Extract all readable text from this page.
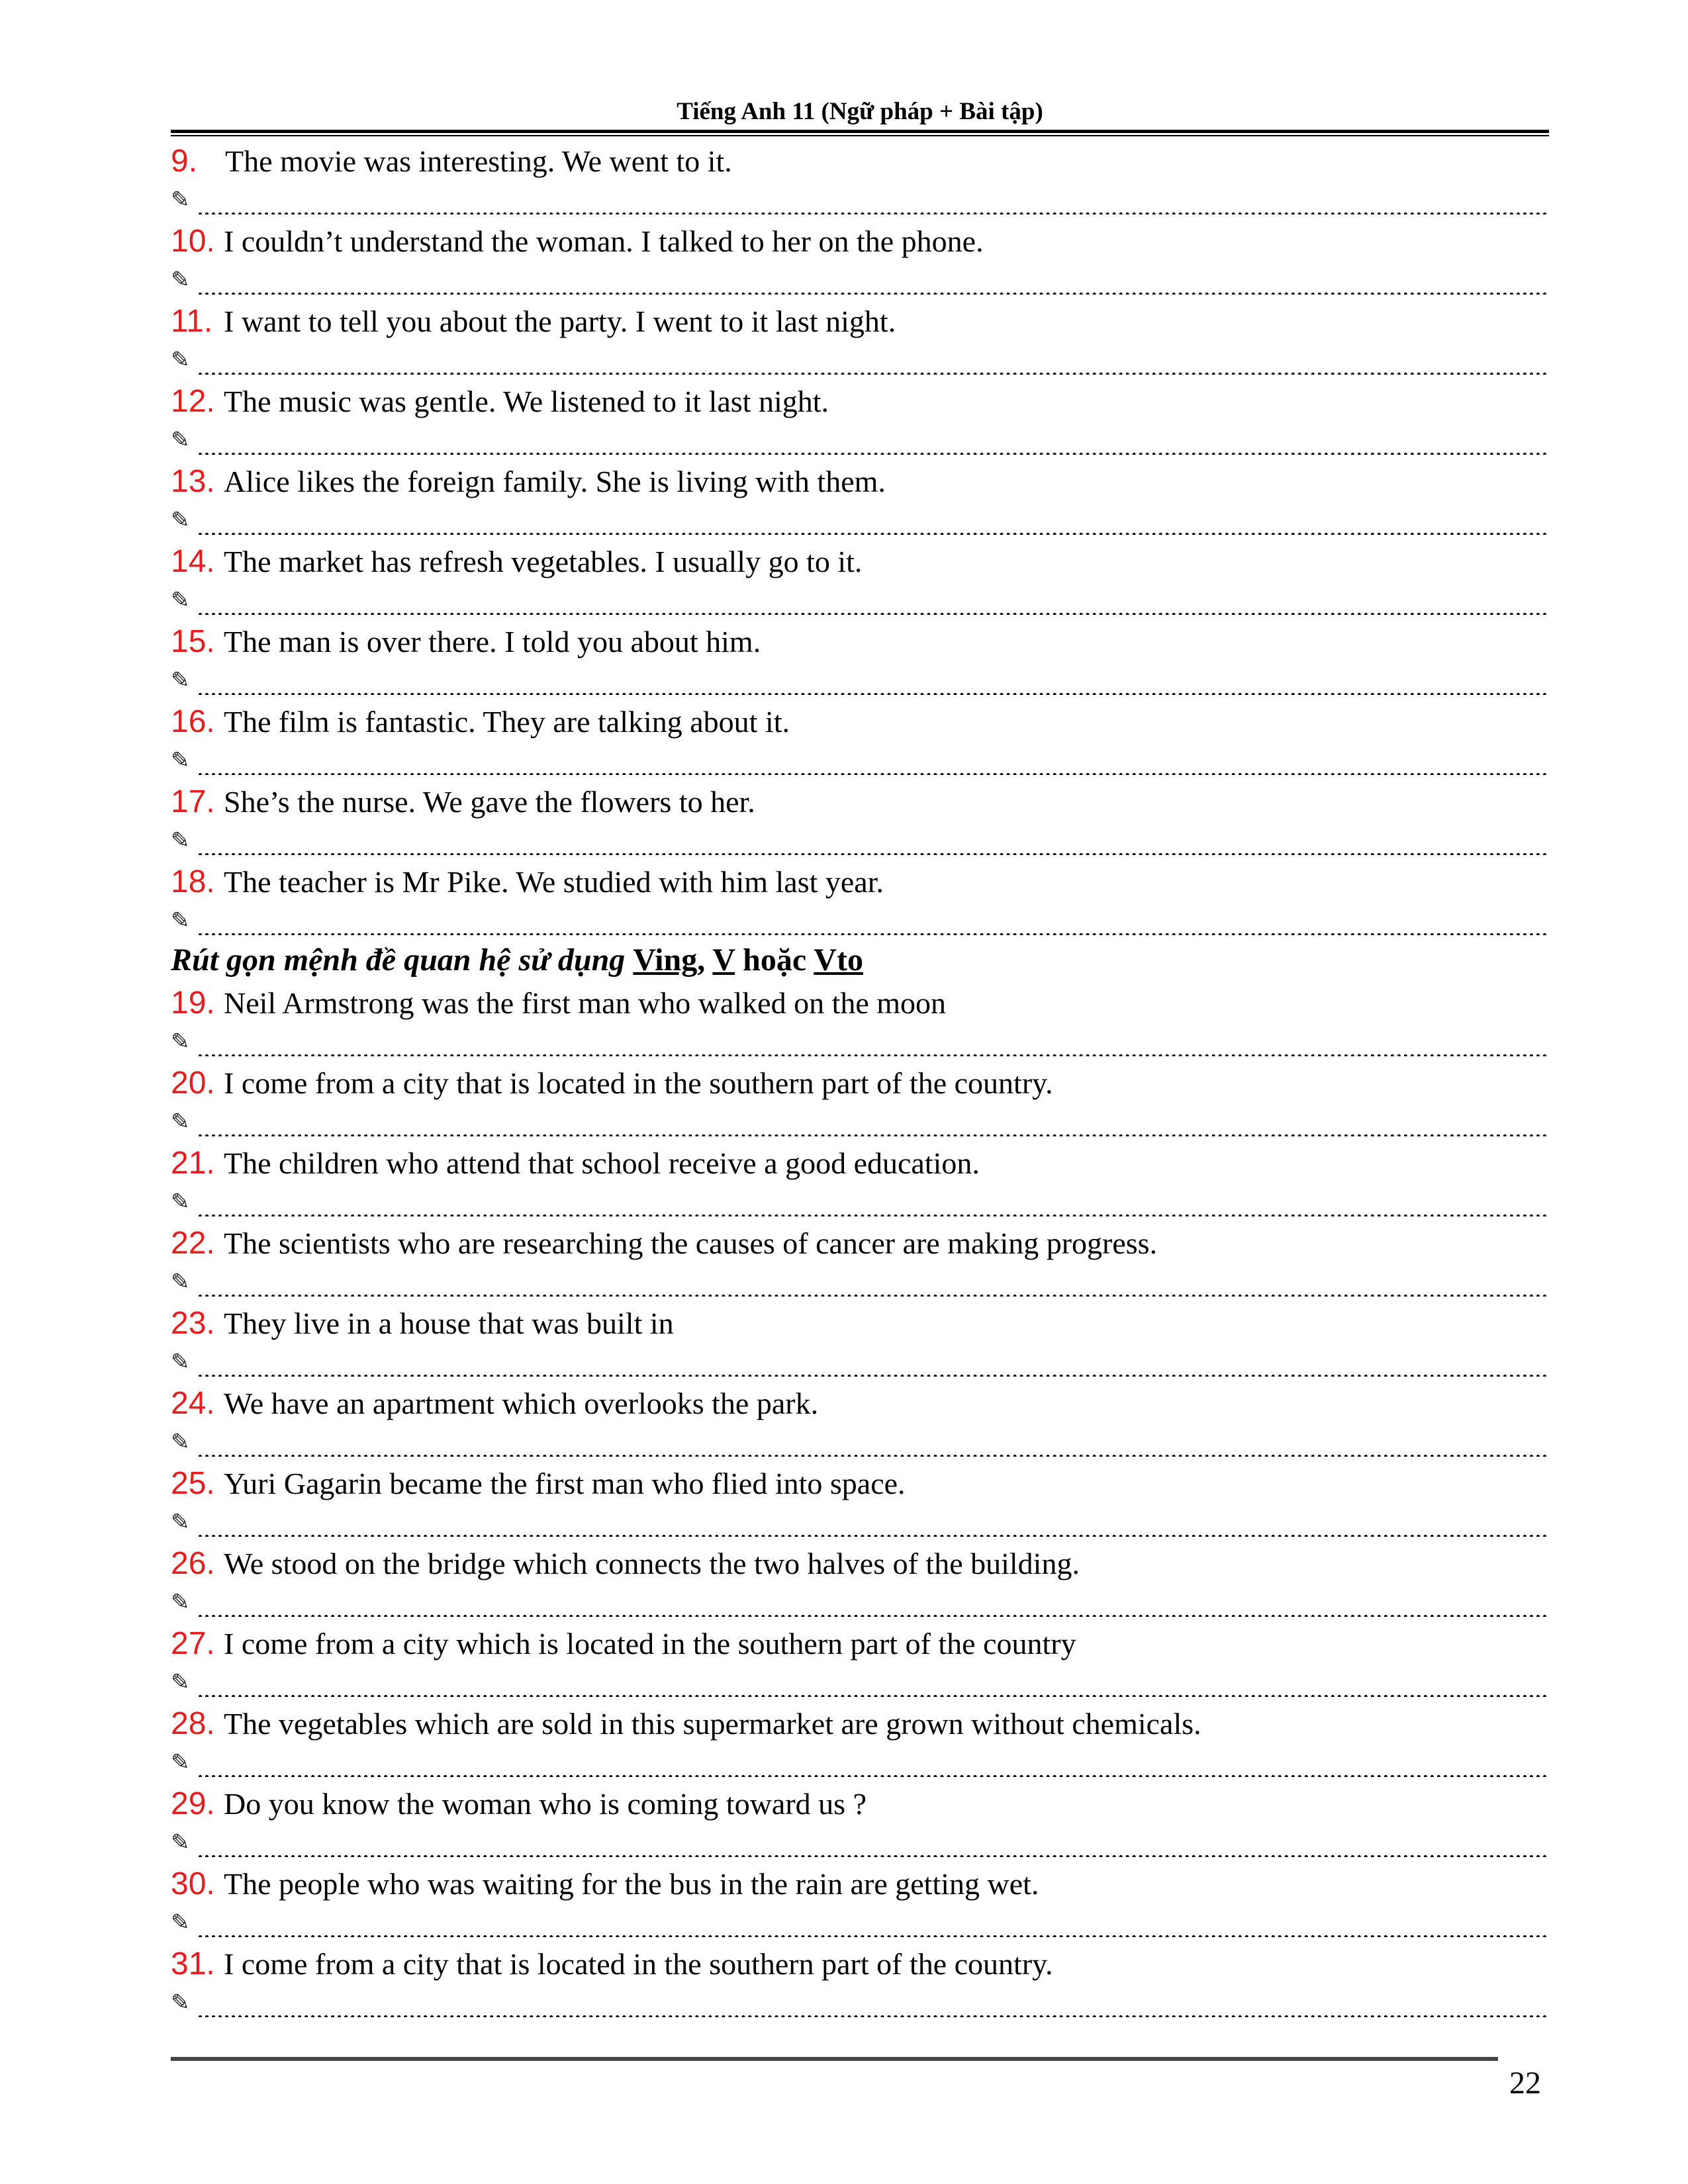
Tiếng Anh 11 (Ngữ pháp + Bài tập)
9. The movie was interesting. We went to it.
✎
10. I couldn’t understand the woman. I talked to her on the phone.
✎
11. I want to tell you about the party. I went to it last night.
✎
12. The music was gentle. We listened to it last night.
✎
13. Alice likes the foreign family. She is living with them.
✎
14. The market has refresh vegetables. I usually go to it.
✎
15. The man is over there. I told you about him.
✎
16. The film is fantastic. They are talking about it.
✎
17. She’s the nurse. We gave the flowers to her.
✎
18. The teacher is Mr Pike. We studied with him last year.
✎
Rút gọn mệnh đề quan hệ sử dụng Ving, V hoặc Vto
19. Neil Armstrong was the first man who walked on the moon
✎
20. I come from a city that is located in the southern part of the country.
✎
21. The children who attend that school receive a good education.
✎
22. The scientists who are researching the causes of cancer are making progress.
✎
23. They live in a house that was built in
✎
24. We have an apartment which overlooks the park.
✎
25. Yuri Gagarin became the first man who flied into space.
✎
26. We stood on the bridge which connects the two halves of the building.
✎
27. I come from a city which is located in the southern part of the country
✎
28. The vegetables which are sold in this supermarket are grown without chemicals.
✎
29. Do you know the woman who is coming toward us ?
✎
30. The people who was waiting for the bus in the rain are getting wet.
✎
31. I come from a city that is located in the southern part of the country.
✎
22
